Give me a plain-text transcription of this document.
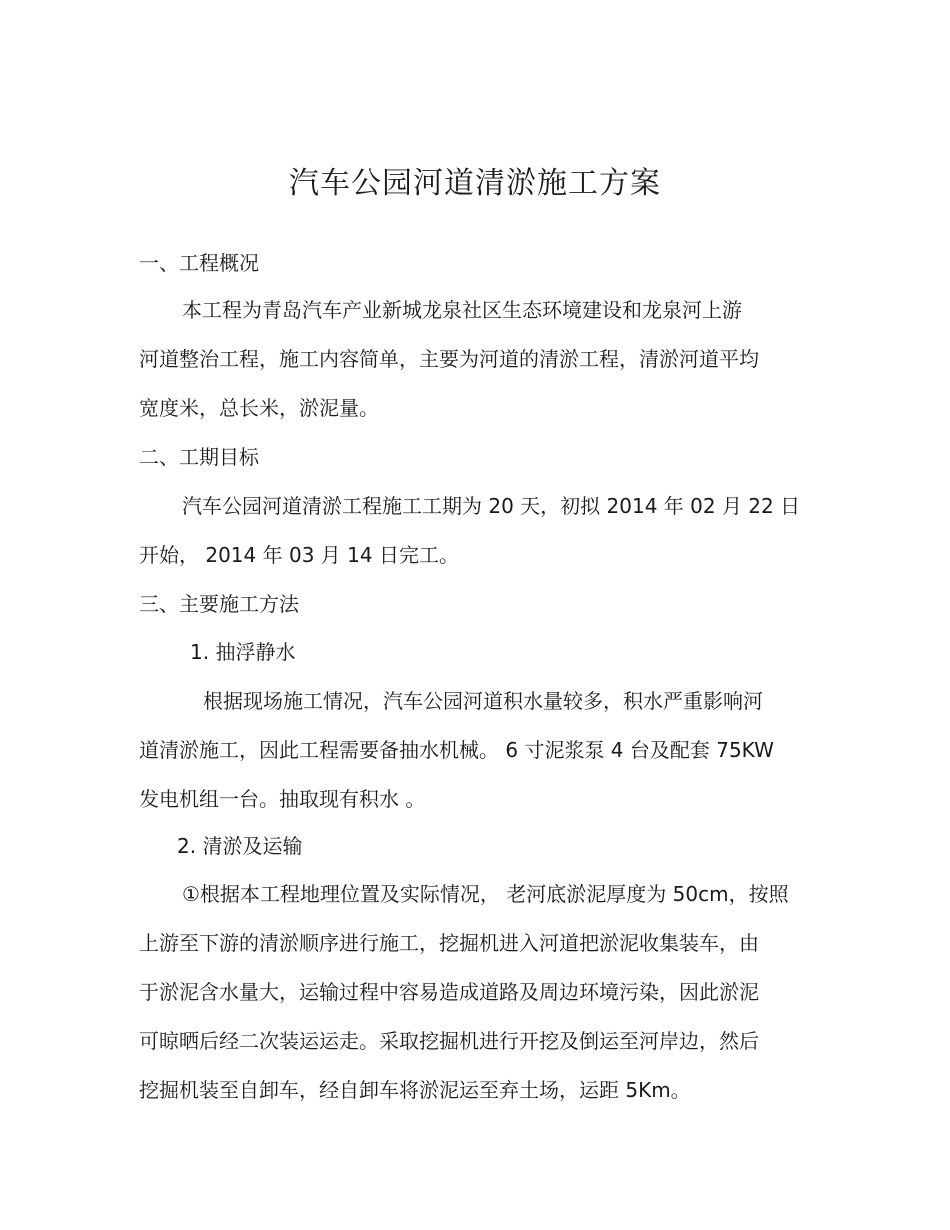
汽车公园河道清淤施工方案

一、工程概况

本工程为青岛汽车产业新城龙泉社区生态环境建设和龙泉河上游

河道整治工程，施工内容简单，主要为河道的清淤工程，清淤河道平均

宽度米，总长米，淤泥量。

二、工期目标

汽车公园河道清淤工程施工工期为 20 天，初拟 2014 年 02 月 22 日

开始， 2014 年 03 月 14 日完工。

三、主要施工方法

1. 抽浮静水

根据现场施工情况，汽车公园河道积水量较多，积水严重影响河

道清淤施工，因此工程需要备抽水机械。 6 寸泥浆泵 4 台及配套 75KW

发电机组一台。抽取现有积水 。

2. 清淤及运输

①根据本工程地理位置及实际情况， 老河底淤泥厚度为 50cm，按照

上游至下游的清淤顺序进行施工，挖掘机进入河道把淤泥收集装车，由

于淤泥含水量大，运输过程中容易造成道路及周边环境污染，因此淤泥

可晾晒后经二次装运运走。采取挖掘机进行开挖及倒运至河岸边，然后

挖掘机装至自卸车，经自卸车将淤泥运至弃土场，运距 5Km。
